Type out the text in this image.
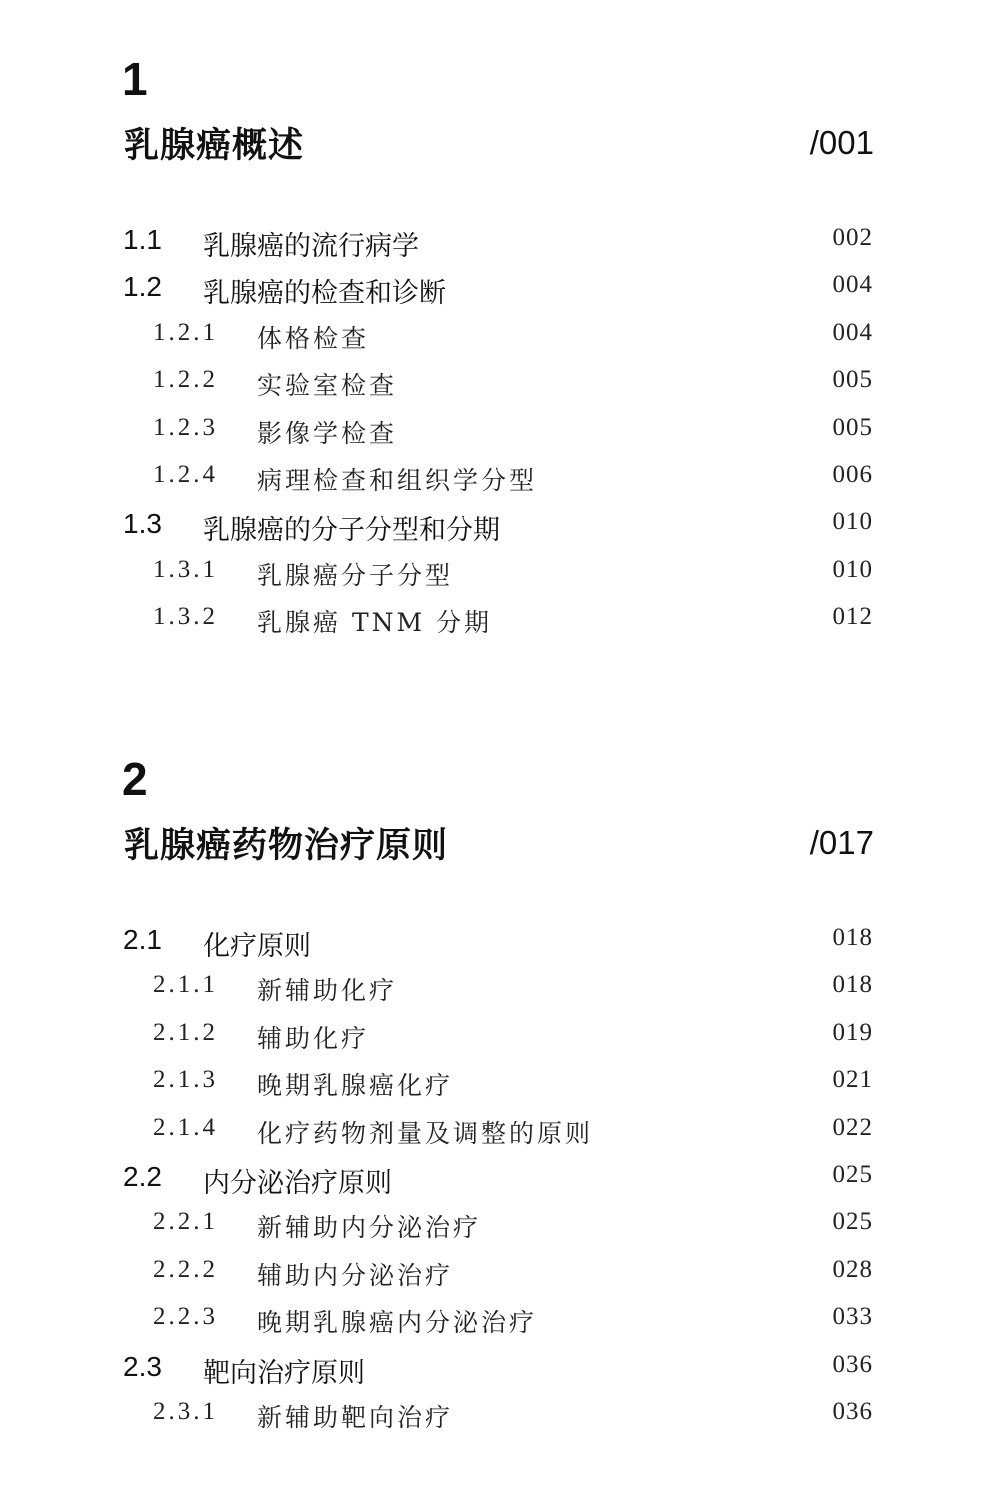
1
乳腺癌概述	/001
1.1 乳腺癌的流行病学	002
1.2 乳腺癌的检查和诊断	004
1.2.1 体格检查	004
1.2.2 实验室检查	005
1.2.3 影像学检查	005
1.2.4 病理检查和组织学分型	006
1.3 乳腺癌的分子分型和分期	010
1.3.1 乳腺癌分子分型	010
1.3.2 乳腺癌 TNM 分期	012
2
乳腺癌药物治疗原则	/017
2.1 化疗原则	018
2.1.1 新辅助化疗	018
2.1.2 辅助化疗	019
2.1.3 晚期乳腺癌化疗	021
2.1.4 化疗药物剂量及调整的原则	022
2.2 内分泌治疗原则	025
2.2.1 新辅助内分泌治疗	025
2.2.2 辅助内分泌治疗	028
2.2.3 晚期乳腺癌内分泌治疗	033
2.3 靶向治疗原则	036
2.3.1 新辅助靶向治疗	036
